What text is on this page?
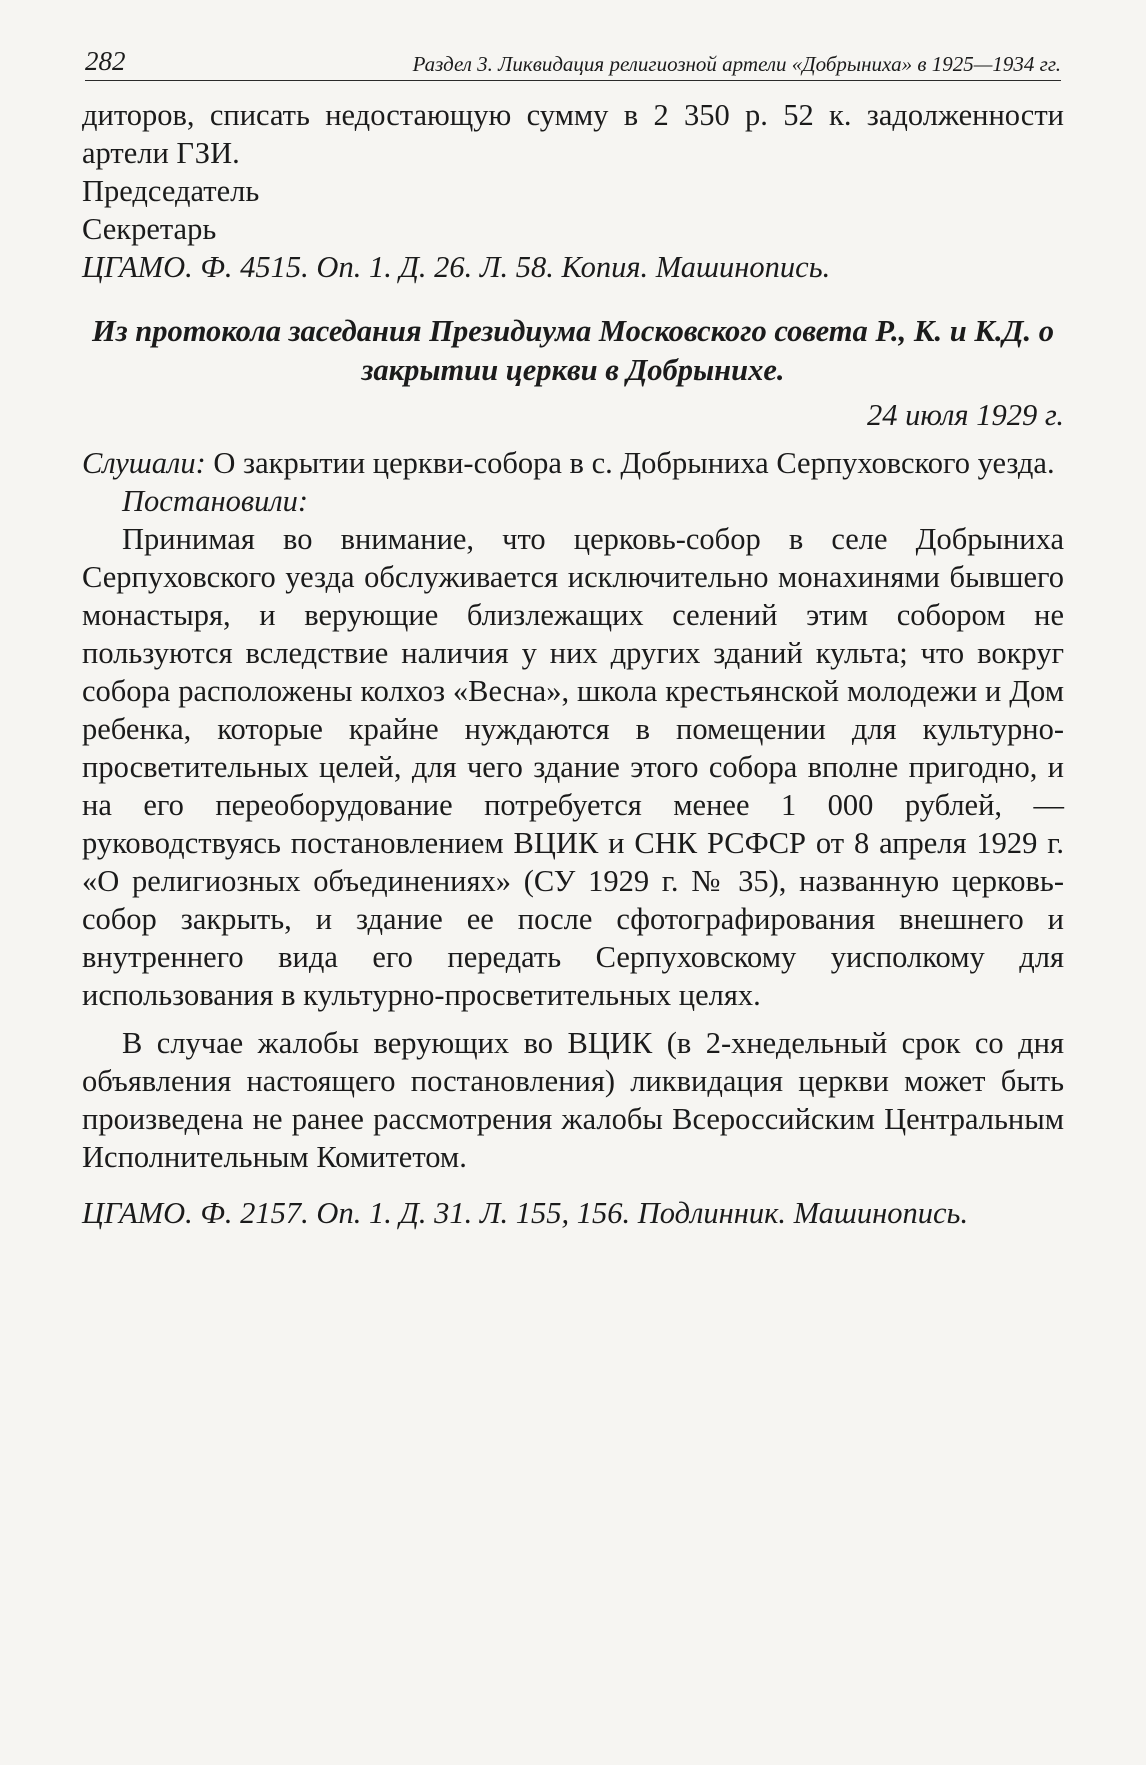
282	Раздел 3. Ликвидация религиозной артели «Добрыниха» в 1925—1934 гг.

диторов, списать недостающую сумму в 2 350 р. 52 к. задолженности артели ГЗИ.

Председатель

Секретарь

ЦГАМО. Ф. 4515. Оп. 1. Д. 26. Л. 58. Копия. Машинопись.

Из протокола заседания Президиума Московского совета Р., К. и К.Д. о закрытии церкви в Добрынихе.

24 июля 1929 г.

Слушали: О закрытии церкви-собора в с. Добрыниха Серпуховского уезда.

Постановили:

Принимая во внимание, что церковь-собор в селе Добрыниха Серпуховского уезда обслуживается исключительно монахинями бывшего монастыря, и верующие близлежащих селений этим собором не пользуются вследствие наличия у них других зданий культа; что вокруг собора расположены колхоз «Весна», школа крестьянской молодежи и Дом ребенка, которые крайне нуждаются в помещении для культурно-просветительных целей, для чего здание этого собора вполне пригодно, и на его переоборудование потребуется менее 1 000 рублей, — руководствуясь постановлением ВЦИК и СНК РСФСР от 8 апреля 1929 г. «О религиозных объединениях» (СУ 1929 г. № 35), названную церковь-собор закрыть, и здание ее после сфотографирования внешнего и внутреннего вида его передать Серпуховскому уисполкому для использования в культурно-просветительных целях.

В случае жалобы верующих во ВЦИК (в 2-хнедельный срок со дня объявления настоящего постановления) ликвидация церкви может быть произведена не ранее рассмотрения жалобы Всероссийским Центральным Исполнительным Комитетом.

ЦГАМО. Ф. 2157. Оп. 1. Д. 31. Л. 155, 156. Подлинник. Машинопись.
